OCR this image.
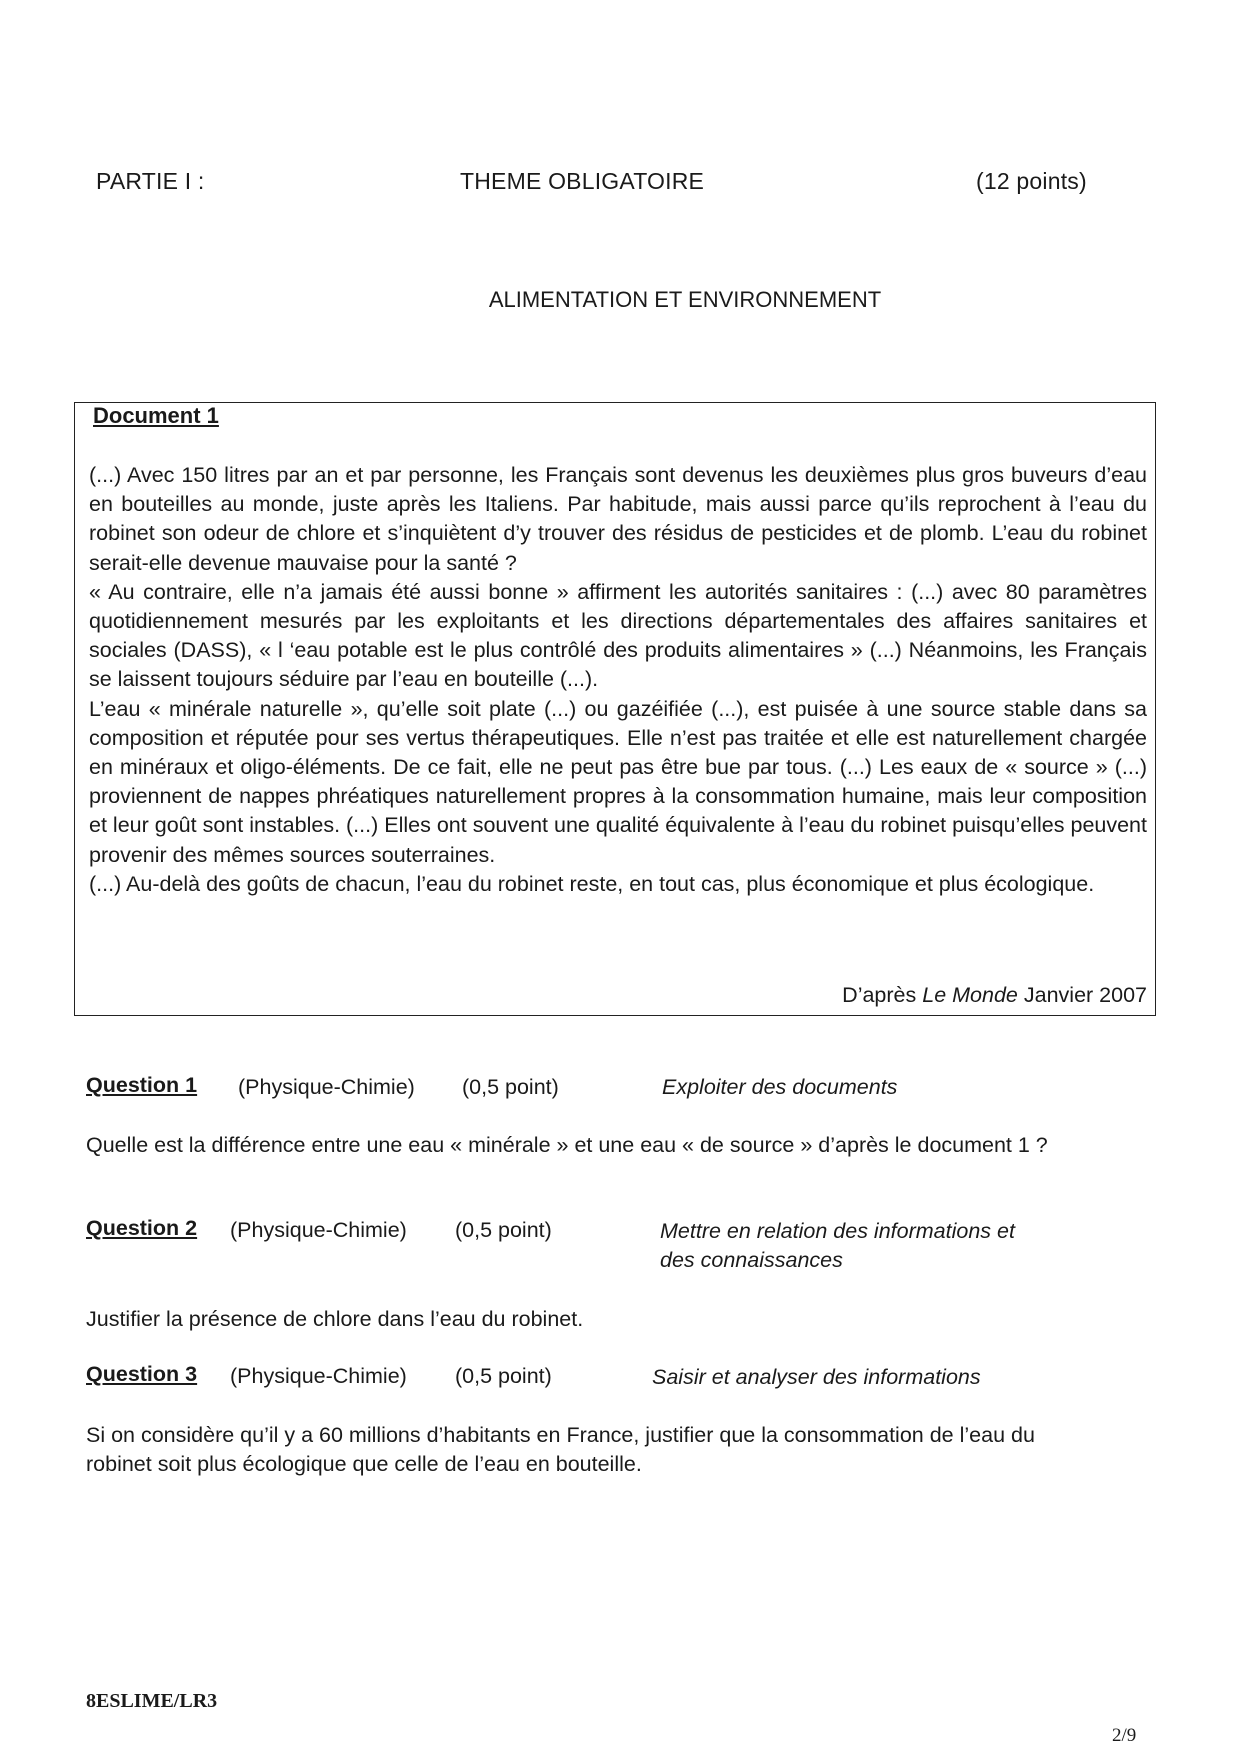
PARTIE I :	THEME OBLIGATOIRE	(12 points)
ALIMENTATION ET ENVIRONNEMENT
Document 1

(...) Avec 150 litres par an et par personne, les Français sont devenus les deuxièmes plus gros buveurs d’eau en bouteilles au monde, juste après les Italiens. Par habitude, mais aussi parce qu’ils reprochent à l’eau du robinet son odeur de chlore et s’inquiètent d’y trouver des résidus de pesticides et de plomb. L’eau du robinet serait-elle devenue mauvaise pour la santé ?

« Au contraire, elle n’a jamais été aussi bonne » affirment les autorités sanitaires : (...) avec 80 paramètres quotidiennement mesurés par les exploitants et les directions départementales des affaires sanitaires et sociales (DASS), « l ‘eau potable est le plus contrôlé des produits alimentaires » (...) Néanmoins, les Français se laissent toujours séduire par l’eau en bouteille (...).

L’eau « minérale naturelle », qu’elle soit plate (...) ou gazéifiée (...), est puisée à une source stable dans sa composition et réputée pour ses vertus thérapeutiques. Elle n’est pas traitée et elle est naturellement chargée en minéraux et oligo-éléments. De ce fait, elle ne peut pas être bue par tous. (...) Les eaux de « source » (...) proviennent de nappes phréatiques naturellement propres à la consommation humaine, mais leur composition et leur goût sont instables. (...) Elles ont souvent une qualité équivalente à l’eau du robinet puisqu’elles peuvent provenir des mêmes sources souterraines.

(...) Au-delà des goûts de chacun, l’eau du robinet reste, en tout cas, plus économique et plus écologique.

D’après Le Monde Janvier 2007
Question 1 (Physique-Chimie) (0,5 point)	Exploiter des documents
Quelle est la différence entre une eau « minérale » et une eau « de source » d’après le document 1 ?
Question 2 (Physique-Chimie) (0,5 point)	Mettre en relation des informations et
des connaissances
Justifier la présence de chlore dans l’eau du robinet.
Question 3 (Physique-Chimie) (0,5 point)	Saisir et analyser des informations
Si on considère qu’il y a 60 millions d’habitants en France, justifier que la consommation de l’eau du robinet soit plus écologique que celle de l’eau en bouteille.
8ESLIME/LR3
2/9
